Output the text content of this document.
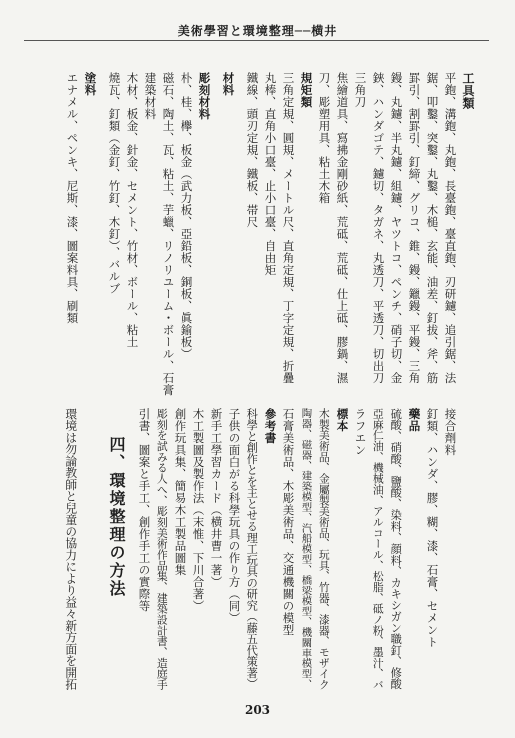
美術學習と環境整理──横井
工具類
平鉋、溝鉋、丸鉋、長臺鉋、臺直鉋、刃研鑢、追引鋸、法
鋸、叩鑿、突鑿、丸鑿、木槌、玄能、油差、釘拔、斧、筋
罫引、割罫引、釘締、グリコ、錐、鏝、鑞鏝、平鏝、三角
鏝、丸鑢、半丸鑢、組鑢、ヤツトコ、ペンチ、硝子切、金
鋏、ハンダゴテ、鑢切、タガネ、丸透刀、平透刀、切出刀
三角刀
焦繪道具、寫拂金剛砂紙、荒砥、荒砥、仕上砥、膠鍋、濕
刀、彫塑用具、粘土木箱
規矩類
三角定規、圓規、メートル尺、直角定規、丁字定規、折疊
丸棒、直角小口臺、止小口臺、自由矩
鐵線、頭刃定規、鐵板、帯尺
材料
彫刻材料
朴、桂、欅、板金（武力板、亞鉛板、銅板、眞鍮板）
磁石、陶土、瓦、粘土、芋蠟、リノリユーム・ボール、石膏
建築材料
木材、板金、針金、セメント、竹材、ボール、粘土
燒瓦、釘類（金釘、竹釘、木釘）、バルブ
塗料
エナメル、ペンキ、尼斯、漆、圖案料具、刷類
接合劑料
釘類、ハンダ、膠、糊、漆、石膏、セメント
藥品
硫酸、硝酸、鹽酸、染料、顔料、カキシガン職釘、修酸
亞麻仁油、機械油、アルコール、松脂、砥ノ粉、墨汁、バ
ラフエン
標本
木製美術品、金屬製美術品、玩具、竹器、漆器、モザイク
陶器、磁器、建築模型、汽船模型、橋梁模型、機關車模型、
石膏美術品、木彫美術品、交通機關の模型
參考書
科學と創作とを主とせる理工玩具の研究（藤五代策著）
子供の面白がる科學玩具の作り方（同）
新手工學習カード（横井曹一著）
木工製圖及製作法（末惟、下川合著）
創作玩具集、簡易木工製品圖集
彫刻を試みる人へ、彫刻美術作品集、建築設計書、造庭手
引書、圖案と手工、創作手工の實際等
四、環境整理の方法
環境は勿論教師と兒童の協力により益々新方面を開拓
203
